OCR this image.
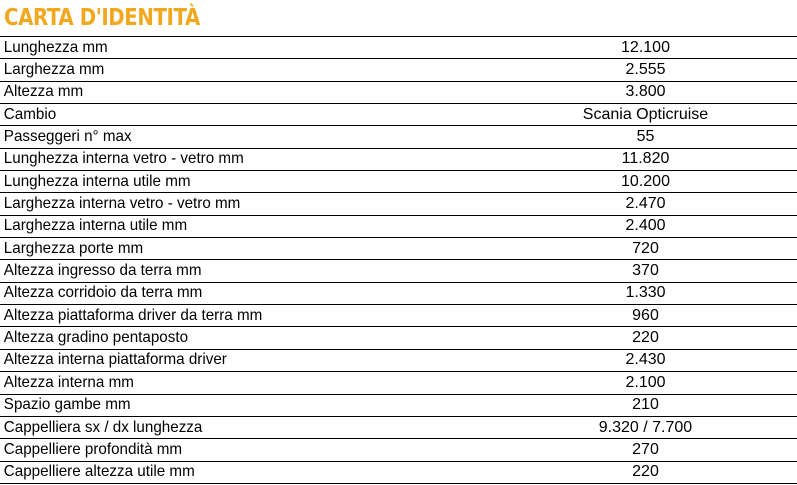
CARTA D'IDENTITÀ
Lunghezza mm	12.100
Larghezza mm	2.555
Altezza mm	3.800
Cambio	Scania Opticruise
Passeggeri n° max	55
Lunghezza interna vetro - vetro mm	11.820
Lunghezza interna utile mm	10.200
Larghezza interna vetro - vetro mm	2.470
Larghezza interna utile mm	2.400
Larghezza porte mm	720
Altezza ingresso da terra mm	370
Altezza corridoio da terra mm	1.330
Altezza piattaforma driver da terra mm	960
Altezza gradino pentaposto	220
Altezza interna piattaforma driver	2.430
Altezza interna mm	2.100
Spazio gambe mm	210
Cappelliera sx / dx lunghezza	9.320 / 7.700
Cappelliere profondità mm	270
Cappelliere altezza utile mm	220
